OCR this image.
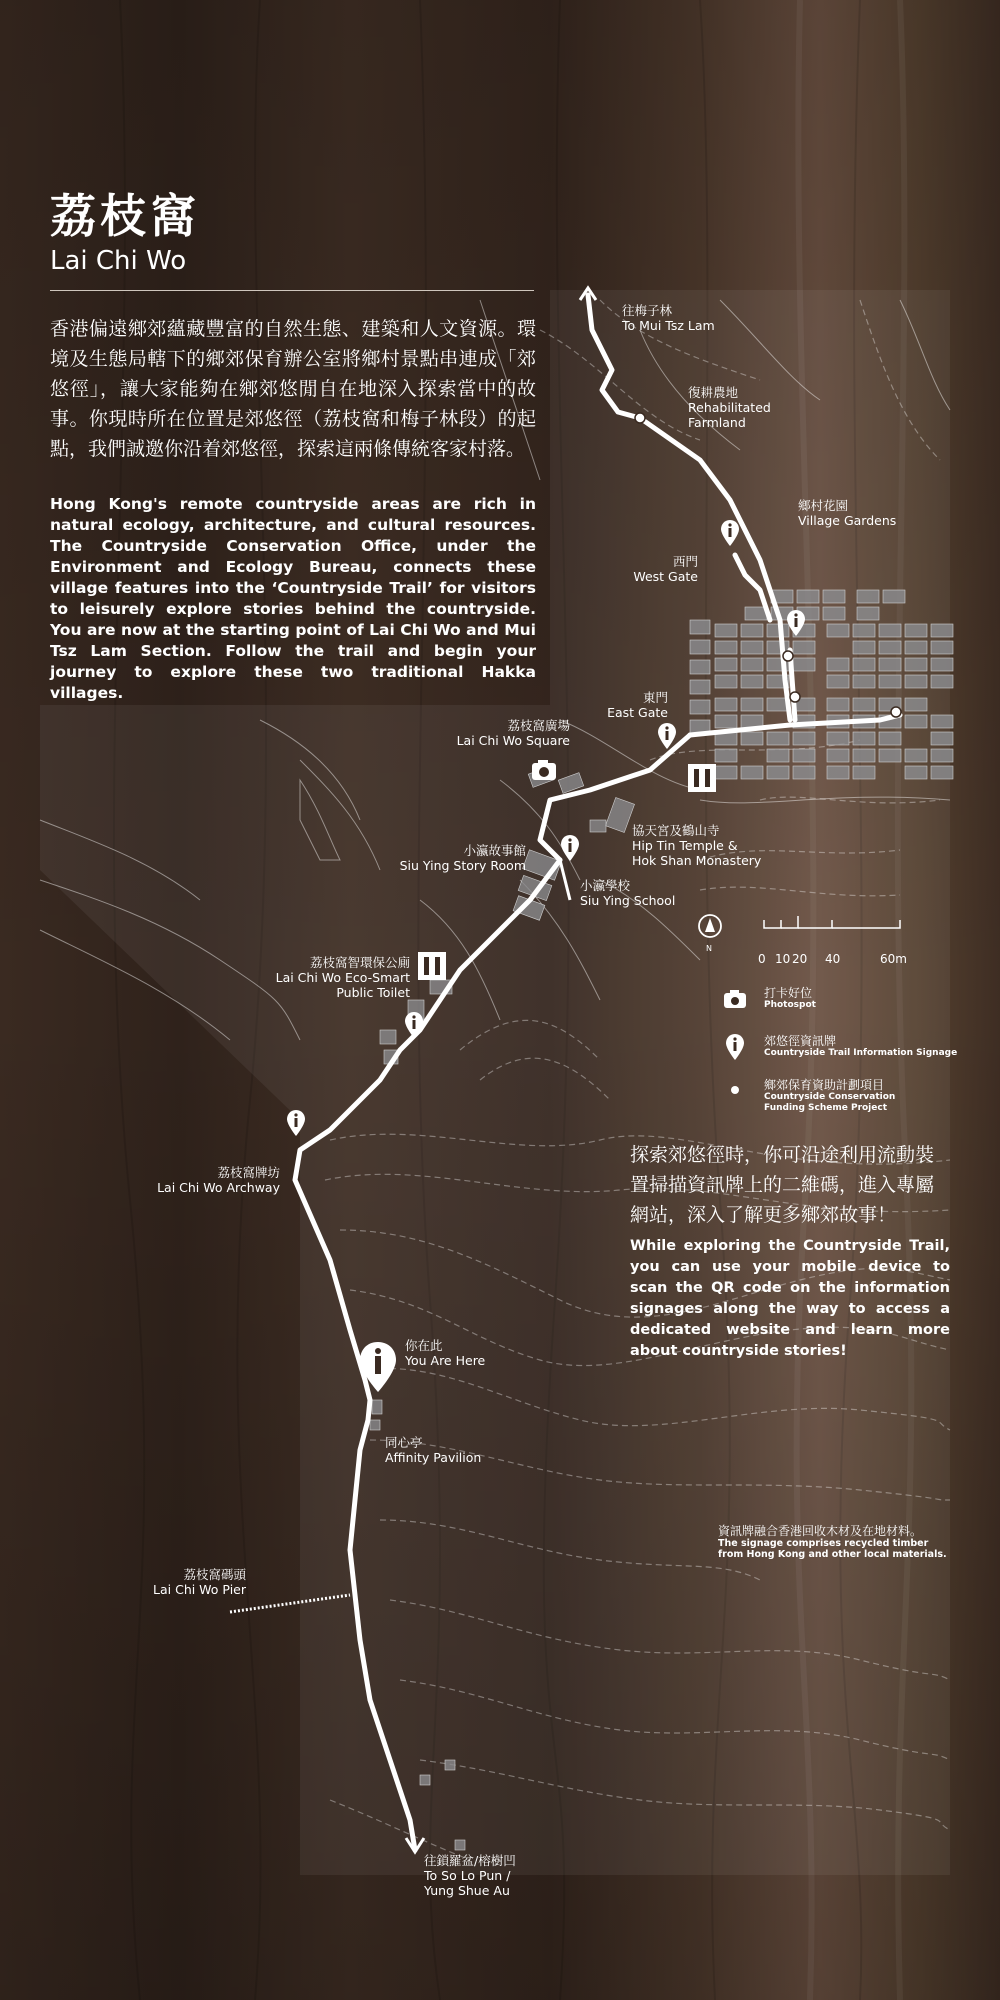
荔枝窩
Lai Chi Wo
香港偏遠鄉郊蘊藏豐富的自然生態、建築和人文資源。環境及生態局轄下的鄉郊保育辦公室將鄉村景點串連成「郊悠徑」，讓大家能夠在鄉郊悠閒自在地深入探索當中的故事。你現時所在位置是郊悠徑（荔枝窩和梅子林段）的起點，我們誠邀你沿着郊悠徑，探索這兩條傳統客家村落。
Hong Kong's remote countryside areas are rich in natural ecology, architecture, and cultural resources. The Countryside Conservation Office, under the Environment and Ecology Bureau, connects these village features into the ‘Countryside Trail’ for visitors to leisurely explore stories behind the countryside. You are now at the starting point of Lai Chi Wo and Mui Tsz Lam Section. Follow the trail and begin your journey to explore these two traditional Hakka villages.
往梅子林
To Mui Tsz Lam
復耕農地
Rehabilitated
Farmland
鄉村花園
Village Gardens
西門
West Gate
東門
East Gate
荔枝窩廣場
Lai Chi Wo Square
協天宮及鶴山寺
Hip Tin Temple &
Hok Shan Monastery
小瀛故事館
Siu Ying Story Room
小瀛學校
Siu Ying School
荔枝窩智環保公廁
Lai Chi Wo Eco-Smart
Public Toilet
荔枝窩牌坊
Lai Chi Wo Archway
你在此
You Are Here
同心亭
Affinity Pavilion
荔枝窩碼頭
Lai Chi Wo Pier
往鎖羅盆/榕樹凹
To So Lo Pun /
Yung Shue Au
N
0 10 20 40	60m
打卡好位
Photospot
郊悠徑資訊牌
Countryside Trail Information Signage
鄉郊保育資助計劃項目
Countryside Conservation
Funding Scheme Project
探索郊悠徑時，你可沿途利用流動裝置掃描資訊牌上的二維碼，進入專屬網站，深入了解更多鄉郊故事！
While exploring the Countryside Trail, you can use your mobile device to scan the QR code on the information signages along the way to access a dedicated website and learn more about countryside stories!
資訊牌融合香港回收木材及在地材料。
The signage comprises recycled timber from Hong Kong and other local materials.
